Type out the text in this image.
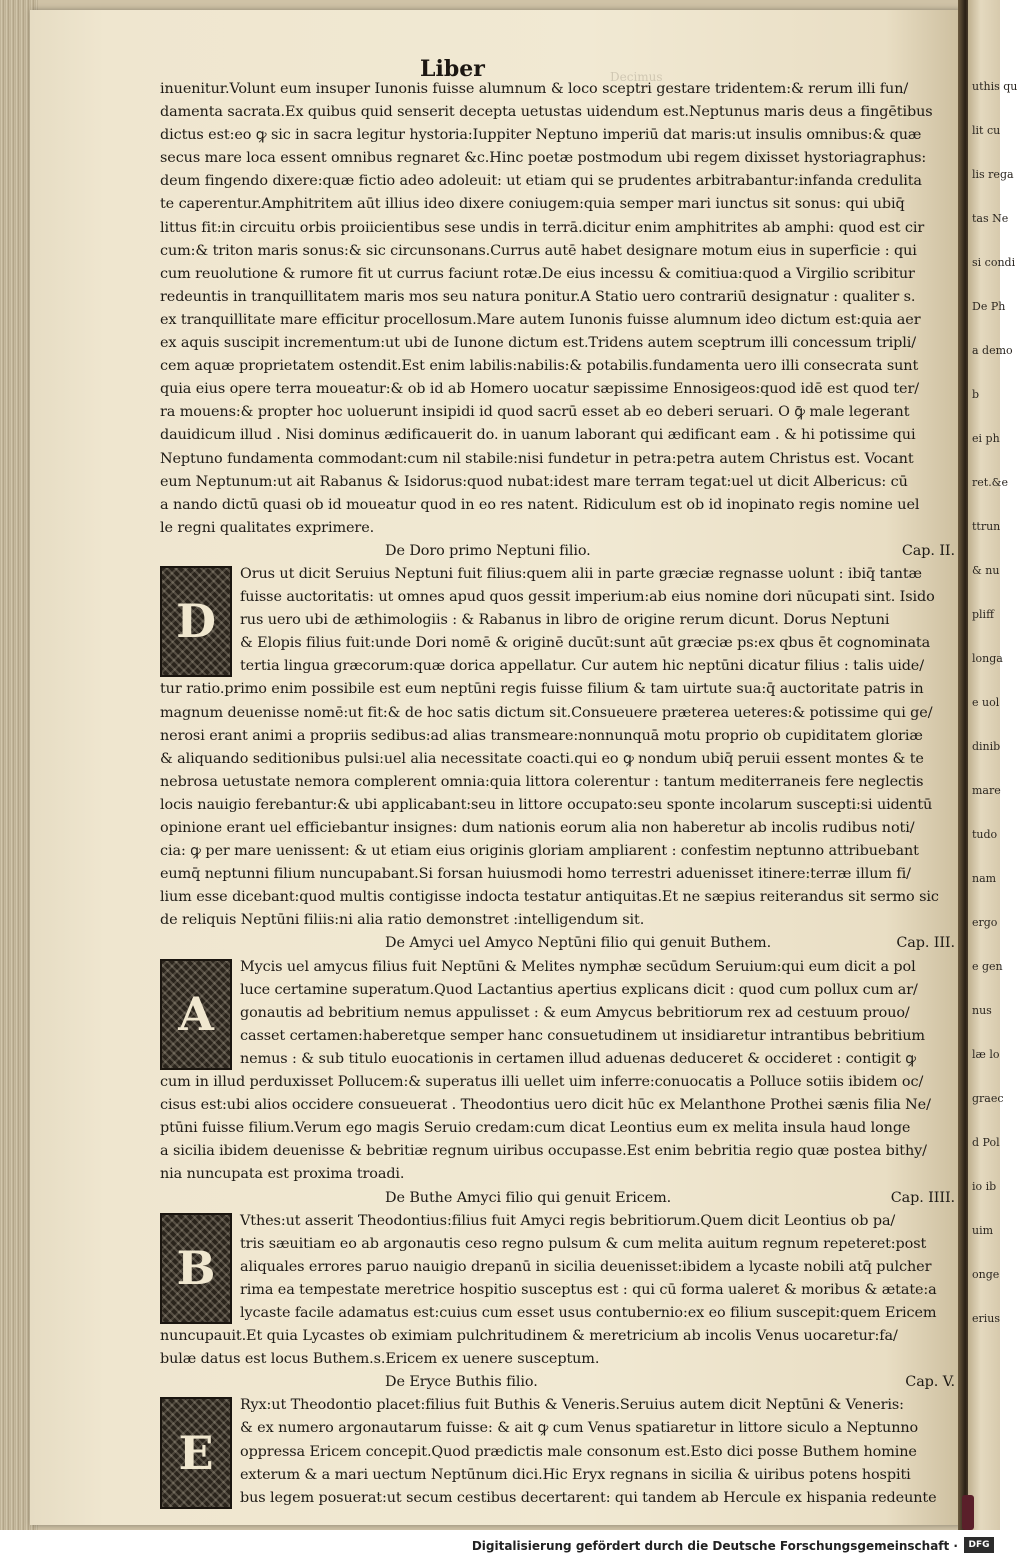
uthis qu
lit cu
lis rega
tas Ne
si condi
De Ph
a demo
b
ei ph
ret.&e
ttrun
& nu
pliff
longa
e uol
dinib
mare
tudo
nam
ergo
e gen
nus
læ lo
graec
d Pol
io ib
uim
onge
erius
Liber	Decimus
inuenitur.Volunt eum insuper Iunonis fuisse alumnum & loco sceptri gestare tridentem:& rerum illi fun/
damenta sacrata.Ex quibus quid senserit decepta uetustas uidendum est.Neptunus maris deus a fingētibus
dictus est:eo ꝙ sic in sacra legitur hystoria:Iuppiter Neptuno imperiū dat maris:ut insulis omnibus:& quæ
secus mare loca essent omnibus regnaret &c.Hinc poetæ postmodum ubi regem dixisset hystoriagraphus:
deum fingendo dixere:quæ fictio adeo adoleuit: ut etiam qui se prudentes arbitrabantur:infanda credulita
te caperentur.Amphitritem aūt illius ideo dixere coniugem:quia semper mari iunctus sit sonus: qui ubiq̄
littus fit:in circuitu orbis proiicientibus sese undis in terrā.dicitur enim amphitrites ab amphi: quod est cir
cum:& triton maris sonus:& sic circunsonans.Currus autē habet designare motum eius in superficie : qui
cum reuolutione & rumore fit ut currus faciunt rotæ.De eius incessu & comitiua:quod a Virgilio scribitur
redeuntis in tranquillitatem maris mos seu natura ponitur.A Statio uero contrariū designatur : qualiter s.
ex tranquillitate mare efficitur procellosum.Mare autem Iunonis fuisse alumnum ideo dictum est:quia aer
ex aquis suscipit incrementum:ut ubi de Iunone dictum est.Tridens autem sceptrum illi concessum tripli/
cem aquæ proprietatem ostendit.Est enim labilis:nabilis:& potabilis.fundamenta uero illi consecrata sunt
quia eius opere terra moueatur:& ob id ab Homero uocatur sæpissime Ennosigeos:quod idē est quod ter/
ra mouens:& propter hoc uoluerunt insipidi id quod sacrū esset ab eo deberi seruari. O ꝙ̄ male legerant
dauidicum illud . Nisi dominus ædificauerit do. in uanum laborant qui ædificant eam . & hi potissime qui
Neptuno fundamenta commodant:cum nil stabile:nisi fundetur in petra:petra autem Christus est. Vocant
eum Neptunum:ut ait Rabanus & Isidorus:quod nubat:idest mare terram tegat:uel ut dicit Albericus: cū
a nando dictū quasi ob id moueatur quod in eo res natent. Ridiculum est ob id inopinato regis nomine uel
le regni qualitates exprimere.
De Doro primo Neptuni filio.	Cap. II.
D
Orus ut dicit Seruius Neptuni fuit filius:quem alii in parte græciæ regnasse uolunt : ibiq̄ tantæ
fuisse auctoritatis: ut omnes apud quos gessit imperium:ab eius nomine dori nūcupati sint. Isido
rus uero ubi de æthimologiis : & Rabanus in libro de origine rerum dicunt. Dorus Neptuni
& Elopis filius fuit:unde Dori nomē & originē ducūt:sunt aūt græciæ ps:ex qbus ēt cognominata
tertia lingua græcorum:quæ dorica appellatur. Cur autem hic neptūni dicatur filius : talis uide/
tur ratio.primo enim possibile est eum neptūni regis fuisse filium & tam uirtute sua:q̄ auctoritate patris in
magnum deuenisse nomē:ut fit:& de hoc satis dictum sit.Consueuere præterea ueteres:& potissime qui ge/
nerosi erant animi a propriis sedibus:ad alias transmeare:nonnunquā motu proprio ob cupiditatem gloriæ
& aliquando seditionibus pulsi:uel alia necessitate coacti.qui eo ꝙ nondum ubiq̄ peruii essent montes & te
nebrosa uetustate nemora complerent omnia:quia littora colerentur : tantum mediterraneis fere neglectis
locis nauigio ferebantur:& ubi applicabant:seu in littore occupato:seu sponte incolarum suscepti:si uidentū
opinione erant uel efficiebantur insignes: dum nationis eorum alia non haberetur ab incolis rudibus noti/
cia: ꝙ per mare uenissent: & ut etiam eius originis gloriam ampliarent : confestim neptunno attribuebant
eumq̄ neptunni filium nuncupabant.Si forsan huiusmodi homo terrestri aduenisset itinere:terræ illum fi/
lium esse dicebant:quod multis contigisse indocta testatur antiquitas.Et ne sæpius reiterandus sit sermo sic
de reliquis Neptūni filiis:ni alia ratio demonstret :intelligendum sit.
De Amyci uel Amyco Neptūni filio qui genuit Buthem.	Cap. III.
A
Mycis uel amycus filius fuit Neptūni & Melites nymphæ secūdum Seruium:qui eum dicit a pol
luce certamine superatum.Quod Lactantius apertius explicans dicit : quod cum pollux cum ar/
gonautis ad bebritium nemus appulisset : & eum Amycus bebritiorum rex ad cestuum prouo/
casset certamen:haberetque semper hanc consuetudinem ut insidiaretur intrantibus bebritium
nemus : & sub titulo euocationis in certamen illud aduenas deduceret & occideret : contigit ꝙ
cum in illud perduxisset Pollucem:& superatus illi uellet uim inferre:conuocatis a Polluce sotiis ibidem oc/
cisus est:ubi alios occidere consueuerat . Theodontius uero dicit hūc ex Melanthone Prothei sænis filia Ne/
ptūni fuisse filium.Verum ego magis Seruio credam:cum dicat Leontius eum ex melita insula haud longe
a sicilia ibidem deuenisse & bebritiæ regnum uiribus occupasse.Est enim bebritia regio quæ postea bithy/
nia nuncupata est proxima troadi.
De Buthe Amyci filio qui genuit Ericem.	Cap. IIII.
B
Vthes:ut asserit Theodontius:filius fuit Amyci regis bebritiorum.Quem dicit Leontius ob pa/
tris sæuitiam eo ab argonautis ceso regno pulsum & cum melita auitum regnum repeteret:post
aliquales errores paruo nauigio drepanū in sicilia deuenisset:ibidem a lycaste nobili atq̄ pulcher
rima ea tempestate meretrice hospitio susceptus est : qui cū forma ualeret & moribus & ætate:a
lycaste facile adamatus est:cuius cum esset usus contubernio:ex eo filium suscepit:quem Ericem
nuncupauit.Et quia Lycastes ob eximiam pulchritudinem & meretricium ab incolis Venus uocaretur:fa/
bulæ datus est locus Buthem.s.Ericem ex uenere susceptum.
De Eryce Buthis filio.	Cap. V.
E
Ryx:ut Theodontio placet:filius fuit Buthis & Veneris.Seruius autem dicit Neptūni & Veneris:
& ex numero argonautarum fuisse: & ait ꝙ cum Venus spatiaretur in littore siculo a Neptunno
oppressa Ericem concepit.Quod prædictis male consonum est.Esto dici posse Buthem homine
exterum & a mari uectum Neptūnum dici.Hic Eryx regnans in sicilia & uiribus potens hospiti
bus legem posuerat:ut secum cestibus decertarent: qui tandem ab Hercule ex hispania redeunte
Digitalisierung gefördert durch die Deutsche Forschungsgemeinschaft ·	DFG
